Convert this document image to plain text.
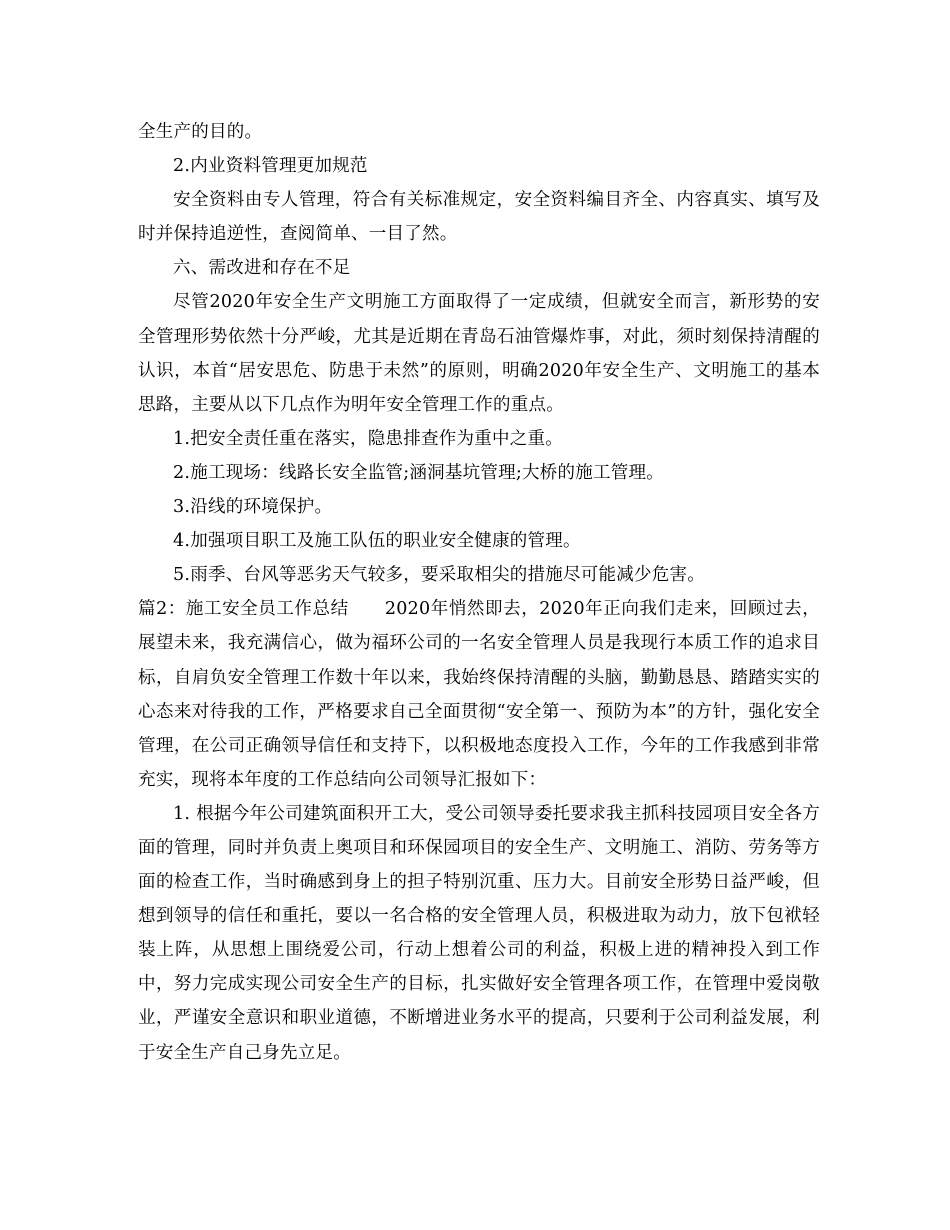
全生产的目的。

2.内业资料管理更加规范

安全资料由专人管理，符合有关标准规定，安全资料编目齐全、内容真实、填写及时并保持追逆性，查阅简单、一目了然。

六、需改进和存在不足

尽管2020年安全生产文明施工方面取得了一定成绩，但就安全而言，新形势的安全管理形势依然十分严峻，尤其是近期在青岛石油管爆炸事，对此，须时刻保持清醒的认识，本首“居安思危、防患于未然”的原则，明确2020年安全生产、文明施工的基本思路，主要从以下几点作为明年安全管理工作的重点。

1.把安全责任重在落实，隐患排查作为重中之重。

2.施工现场：线路长安全监管;涵洞基坑管理;大桥的施工管理。

3.沿线的环境保护。

4.加强项目职工及施工队伍的职业安全健康的管理。

5.雨季、台风等恶劣天气较多，要采取相尖的措施尽可能减少危害。

篇2：施工安全员工作总结　　2020年悄然即去，2020年正向我们走来，回顾过去，展望未来，我充满信心，做为福环公司的一名安全管理人员是我现行本质工作的追求目标，自肩负安全管理工作数十年以来，我始终保持清醒的头脑，勤勤恳恳、踏踏实实的心态来对待我的工作，严格要求自己全面贯彻“安全第一、预防为本”的方针，强化安全管理，在公司正确领导信任和支持下，以积极地态度投入工作，今年的工作我感到非常充实，现将本年度的工作总结向公司领导汇报如下：

1. 根据今年公司建筑面积开工大，受公司领导委托要求我主抓科技园项目安全各方面的管理，同时并负责上奥项目和环保园项目的安全生产、文明施工、消防、劳务等方面的检查工作，当时确感到身上的担子特别沉重、压力大。目前安全形势日益严峻，但想到领导的信任和重托，要以一名合格的安全管理人员，积极进取为动力，放下包袱轻装上阵，从思想上围绕爱公司，行动上想着公司的利益，积极上进的精神投入到工作中，努力完成实现公司安全生产的目标，扎实做好安全管理各项工作，在管理中爱岗敬业，严谨安全意识和职业道德，不断增进业务水平的提高，只要利于公司利益发展，利于安全生产自己身先立足。
